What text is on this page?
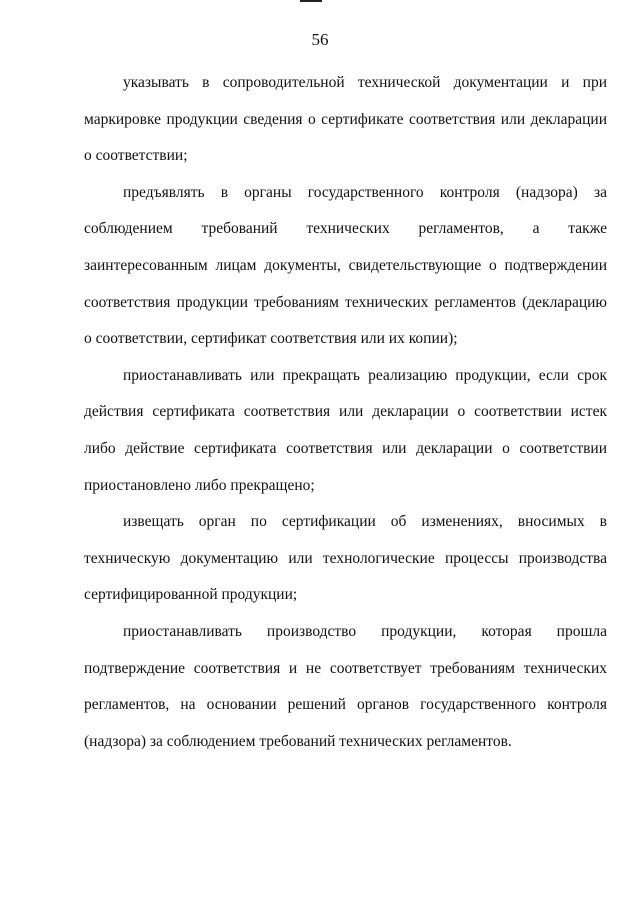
56

указывать в сопроводительной технической документации и при маркировке продукции сведения о сертификате соответствия или декларации о соответствии;

предъявлять в органы государственного контроля (надзора) за соблюдением требований технических регламентов, а также заинтересованным лицам документы, свидетельствующие о подтверждении соответствия продукции требованиям технических регламентов (декларацию о соответствии, сертификат соответствия или их копии);

приостанавливать или прекращать реализацию продукции, если срок действия сертификата соответствия или декларации о соответствии истек либо действие сертификата соответствия или декларации о соответствии приостановлено либо прекращено;

извещать орган по сертификации об изменениях, вносимых в техническую документацию или технологические процессы производства сертифицированной продукции;

приостанавливать производство продукции, которая прошла подтверждение соответствия и не соответствует требованиям технических регламентов, на основании решений органов государственного контроля (надзора) за соблюдением требований технических регламентов.
